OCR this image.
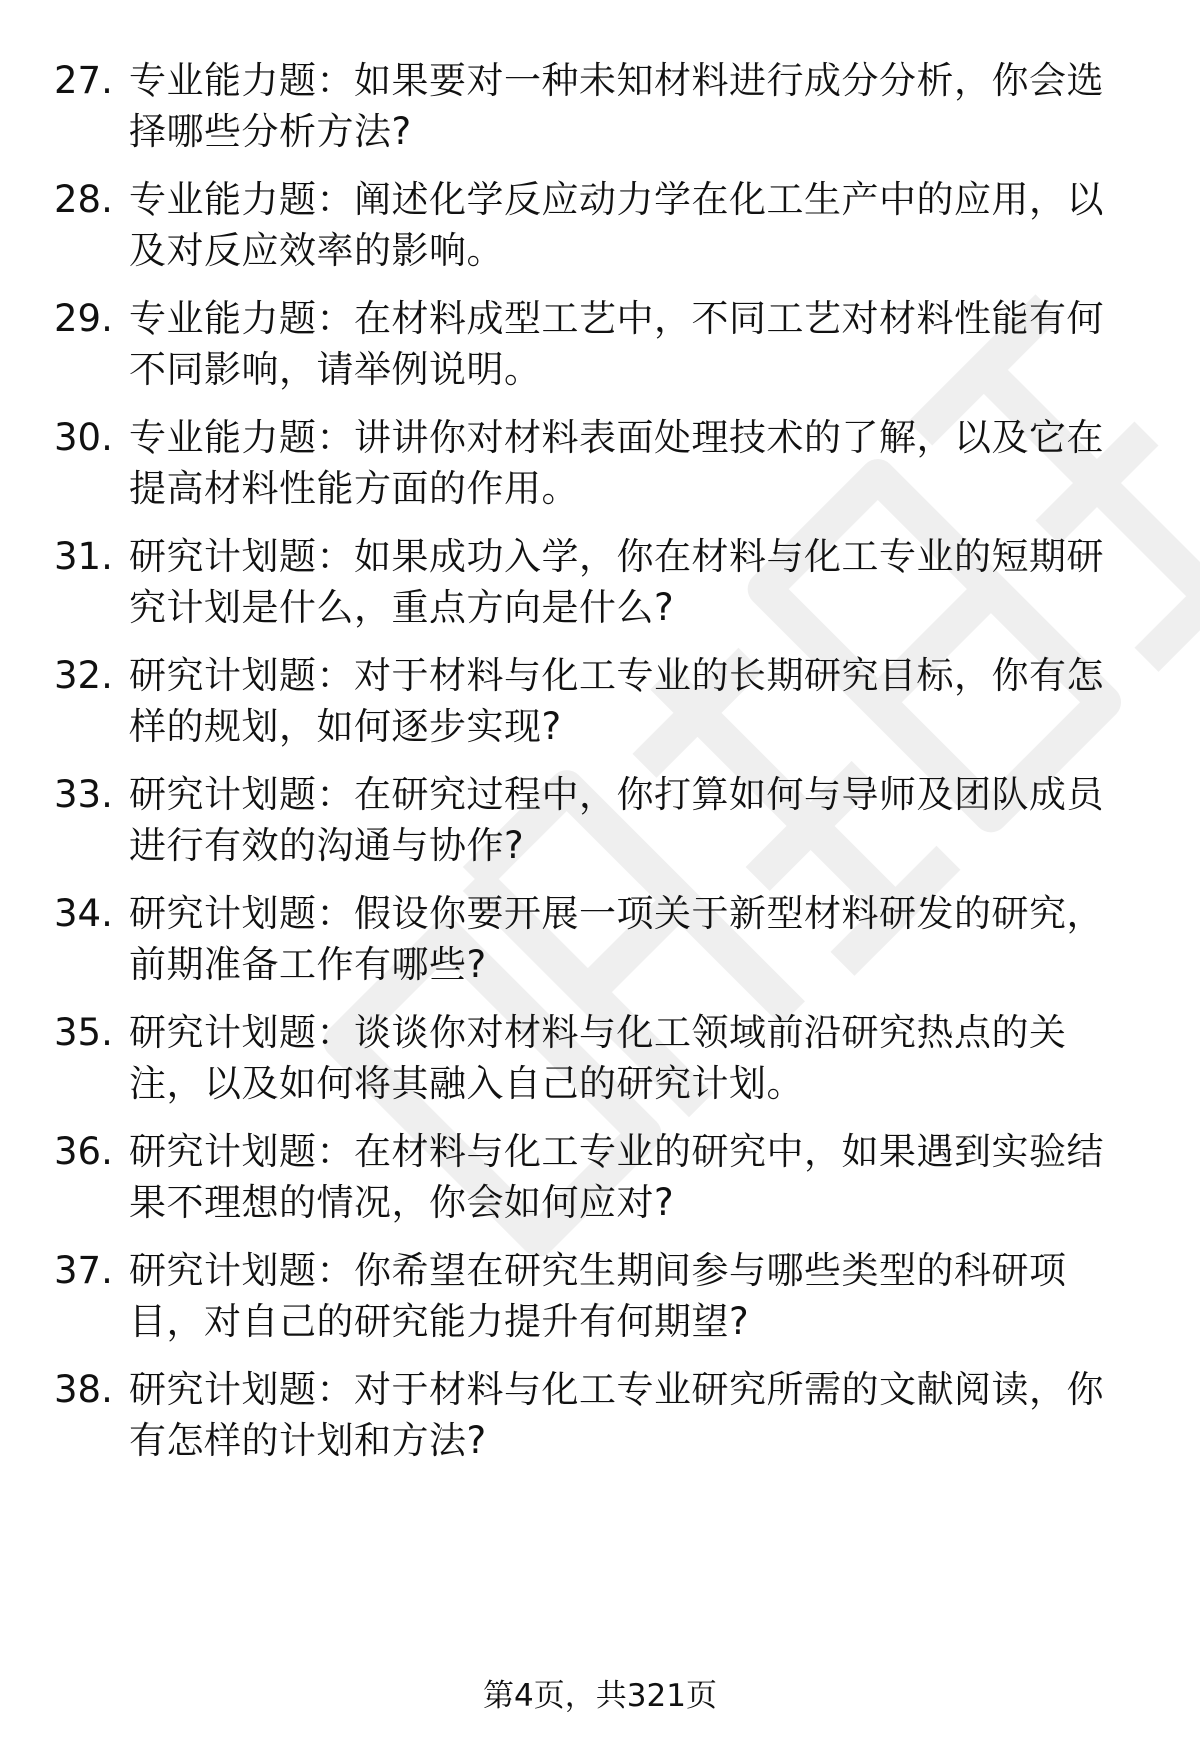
27. 专业能力题：如果要对一种未知材料进行成分分析，你会选择哪些分析方法?
28. 专业能力题：阐述化学反应动力学在化工生产中的应用，以及对反应效率的影响。
29. 专业能力题：在材料成型工艺中，不同工艺对材料性能有何不同影响，请举例说明。
30. 专业能力题：讲讲你对材料表面处理技术的了解，以及它在提高材料性能方面的作用。
31. 研究计划题：如果成功入学，你在材料与化工专业的短期研究计划是什么，重点方向是什么?
32. 研究计划题：对于材料与化工专业的长期研究目标，你有怎样的规划，如何逐步实现?
33. 研究计划题：在研究过程中，你打算如何与导师及团队成员进行有效的沟通与协作?
34. 研究计划题：假设你要开展一项关于新型材料研发的研究，前期准备工作有哪些?
35. 研究计划题：谈谈你对材料与化工领域前沿研究热点的关注，以及如何将其融入自己的研究计划。
36. 研究计划题：在材料与化工专业的研究中，如果遇到实验结果不理想的情况，你会如何应对?
37. 研究计划题：你希望在研究生期间参与哪些类型的科研项目，对自己的研究能力提升有何期望?
38. 研究计划题：对于材料与化工专业研究所需的文献阅读，你有怎样的计划和方法?
第4页，共321页
